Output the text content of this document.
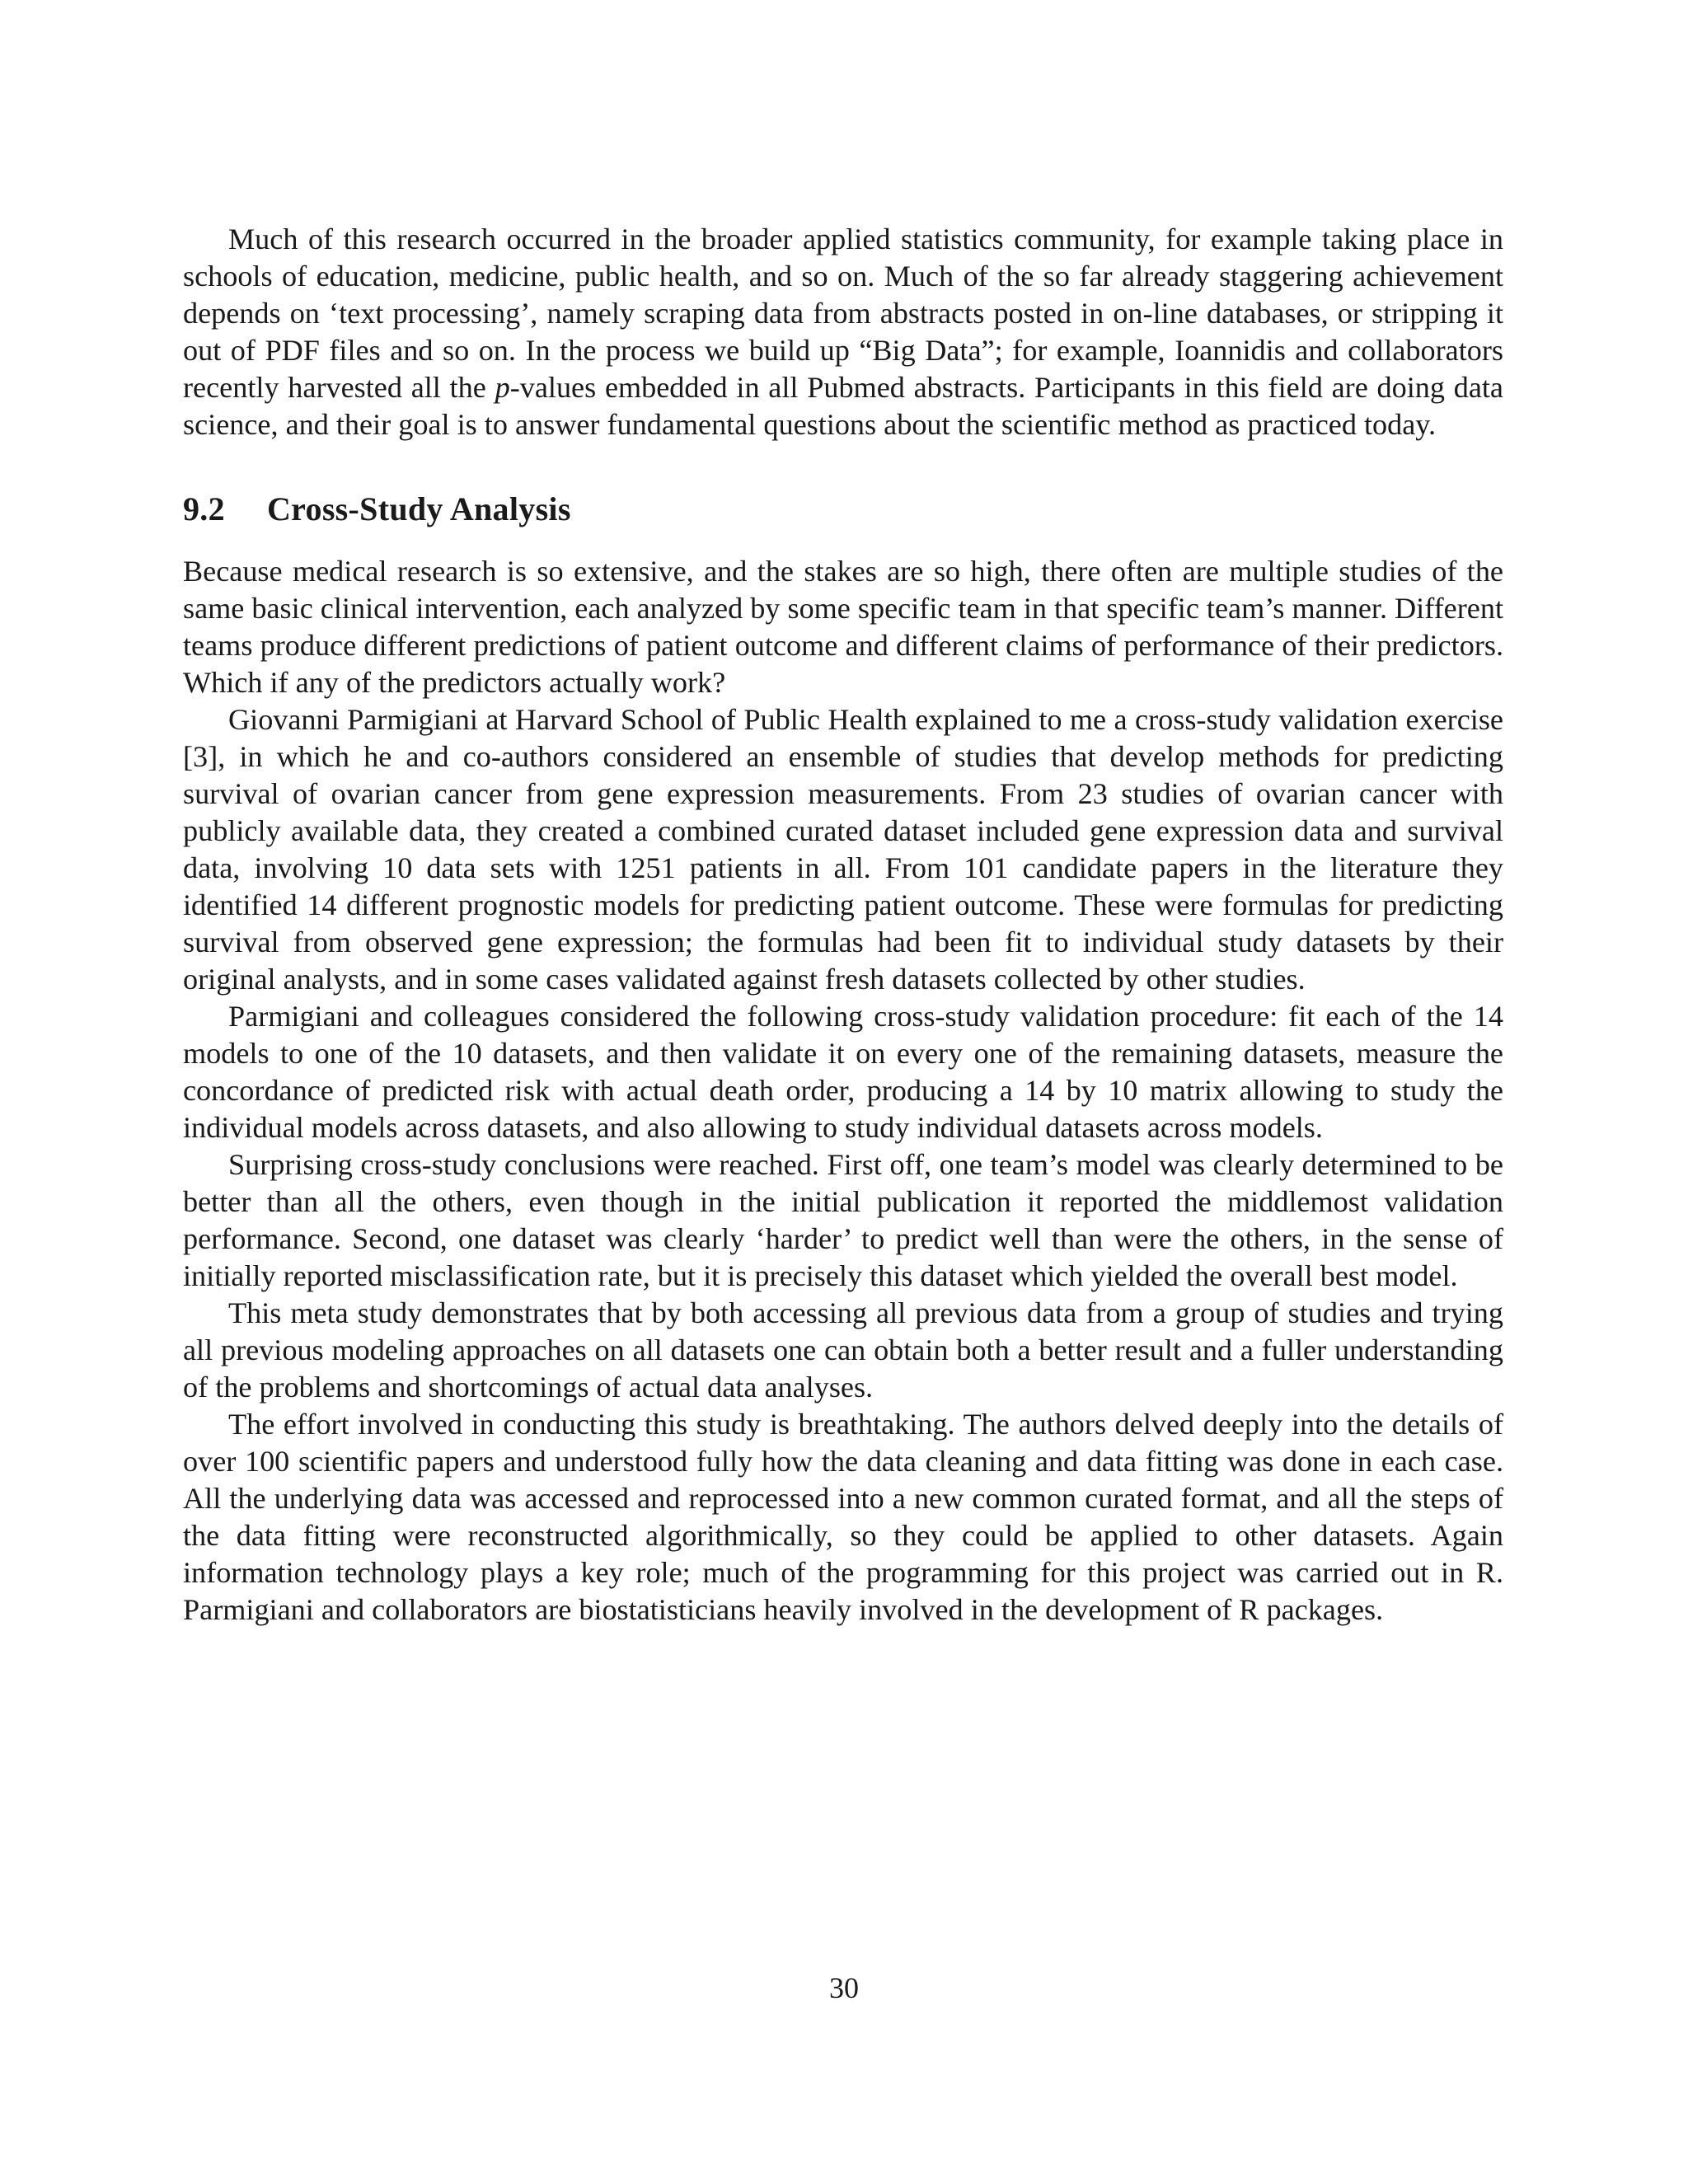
Much of this research occurred in the broader applied statistics community, for example taking place in schools of education, medicine, public health, and so on. Much of the so far already staggering achievement depends on ‘text processing’, namely scraping data from abstracts posted in on-line databases, or stripping it out of PDF files and so on. In the process we build up “Big Data”; for example, Ioannidis and collaborators recently harvested all the p-values embedded in all Pubmed abstracts. Participants in this field are doing data science, and their goal is to answer fundamental questions about the scientific method as practiced today.

9.2 Cross-Study Analysis

Because medical research is so extensive, and the stakes are so high, there often are multiple studies of the same basic clinical intervention, each analyzed by some specific team in that specific team’s manner. Different teams produce different predictions of patient outcome and different claims of performance of their predictors. Which if any of the predictors actually work?

Giovanni Parmigiani at Harvard School of Public Health explained to me a cross-study validation exercise [3], in which he and co-authors considered an ensemble of studies that develop methods for predicting survival of ovarian cancer from gene expression measurements. From 23 studies of ovarian cancer with publicly available data, they created a combined curated dataset included gene expression data and survival data, involving 10 data sets with 1251 patients in all. From 101 candidate papers in the literature they identified 14 different prognostic models for predicting patient outcome. These were formulas for predicting survival from observed gene expression; the formulas had been fit to individual study datasets by their original analysts, and in some cases validated against fresh datasets collected by other studies.

Parmigiani and colleagues considered the following cross-study validation procedure: fit each of the 14 models to one of the 10 datasets, and then validate it on every one of the remaining datasets, measure the concordance of predicted risk with actual death order, producing a 14 by 10 matrix allowing to study the individual models across datasets, and also allowing to study individual datasets across models.

Surprising cross-study conclusions were reached. First off, one team’s model was clearly determined to be better than all the others, even though in the initial publication it reported the middlemost validation performance. Second, one dataset was clearly ‘harder’ to predict well than were the others, in the sense of initially reported misclassification rate, but it is precisely this dataset which yielded the overall best model.

This meta study demonstrates that by both accessing all previous data from a group of studies and trying all previous modeling approaches on all datasets one can obtain both a better result and a fuller understanding of the problems and shortcomings of actual data analyses.

The effort involved in conducting this study is breathtaking. The authors delved deeply into the details of over 100 scientific papers and understood fully how the data cleaning and data fitting was done in each case. All the underlying data was accessed and reprocessed into a new common curated format, and all the steps of the data fitting were reconstructed algorithmically, so they could be applied to other datasets. Again information technology plays a key role; much of the programming for this project was carried out in R. Parmigiani and collaborators are biostatisticians heavily involved in the development of R packages.

30
